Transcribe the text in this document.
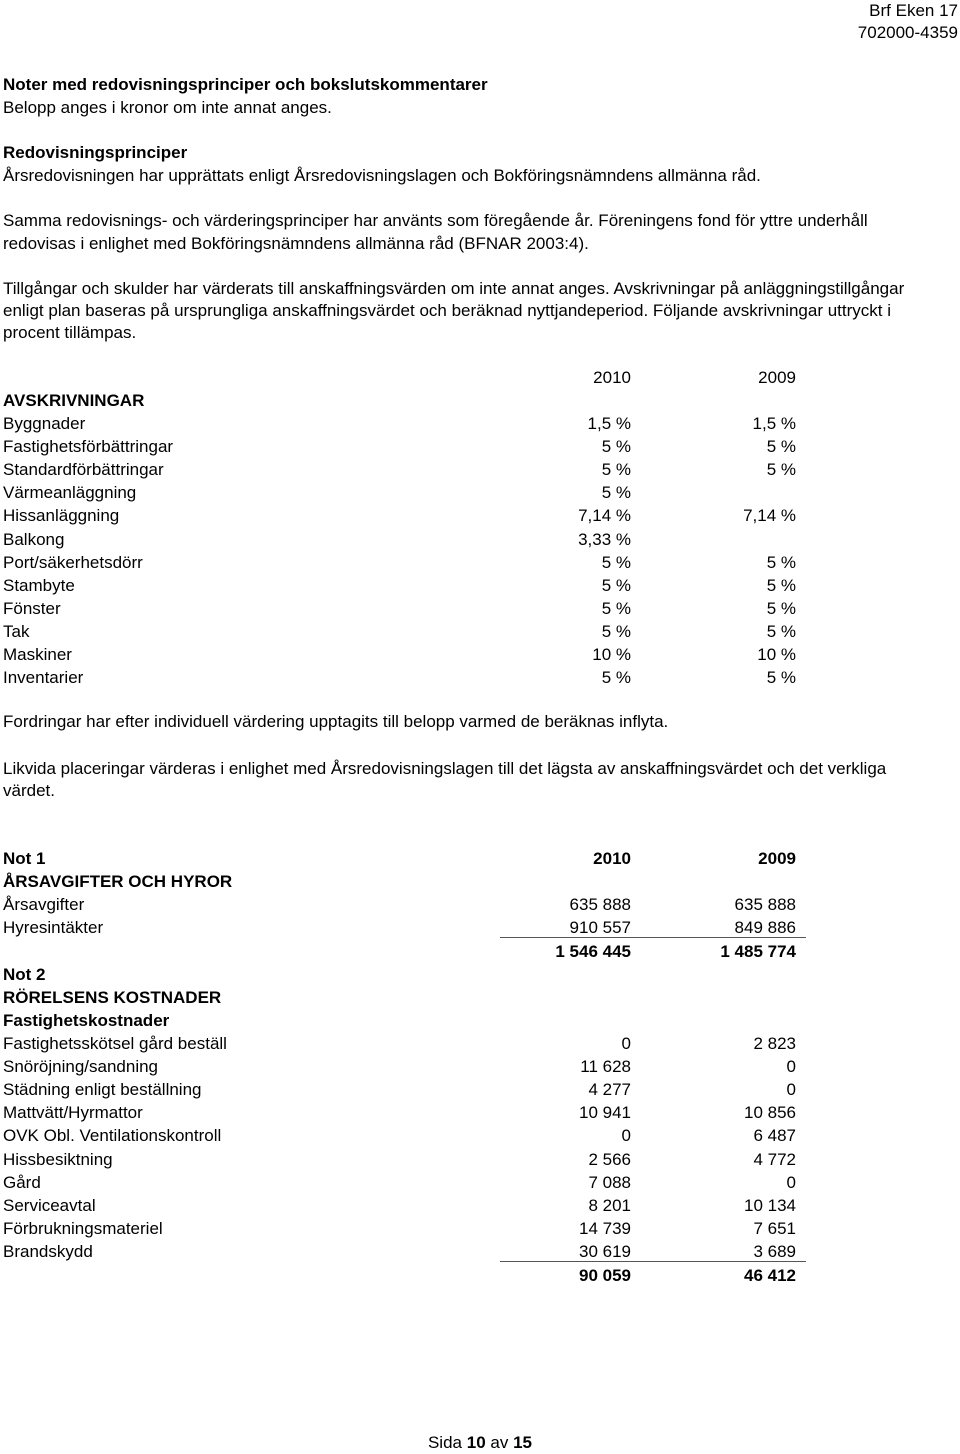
Brf Eken 17
702000-4359
Noter med redovisningsprinciper och bokslutskommentarer
Belopp anges i kronor om inte annat anges.
Redovisningsprinciper
Årsredovisningen har upprättats enligt Årsredovisningslagen och Bokföringsnämndens allmänna råd.
Samma redovisnings- och värderingsprinciper har använts som föregående år. Föreningens fond för yttre underhåll
redovisas i enlighet med Bokföringsnämndens allmänna råd (BFNAR 2003:4).
Tillgångar och skulder har värderats till anskaffningsvärden om inte annat anges. Avskrivningar på anläggningstillgångar
enligt plan baseras på ursprungliga anskaffningsvärdet och beräknad nyttjandeperiod. Följande avskrivningar uttryckt i
procent tillämpas.
2010	2009
AVSKRIVNINGAR
Byggnader	1,5 %	1,5 %
Fastighetsförbättringar	5 %	5 %
Standardförbättringar	5 %	5 %
Värmeanläggning	5 %
Hissanläggning	7,14 %	7,14 %
Balkong	3,33 %
Port/säkerhetsdörr	5 %	5 %
Stambyte	5 %	5 %
Fönster	5 %	5 %
Tak	5 %	5 %
Maskiner	10 %	10 %
Inventarier	5 %	5 %
Fordringar har efter individuell värdering upptagits till belopp varmed de beräknas inflyta.
Likvida placeringar värderas i enlighet med Årsredovisningslagen till det lägsta av anskaffningsvärdet och det verkliga
värdet.
Not 1	2010	2009
ÅRSAVGIFTER OCH HYROR
Årsavgifter	635 888	635 888
Hyresintäkter	910 557	849 886
1 546 445	1 485 774
Not 2
RÖRELSENS KOSTNADER
Fastighetskostnader
Fastighetsskötsel gård beställ	0	2 823
Snöröjning/sandning	11 628	0
Städning enligt beställning	4 277	0
Mattvätt/Hyrmattor	10 941	10 856
OVK Obl. Ventilationskontroll	0	6 487
Hissbesiktning	2 566	4 772
Gård	7 088	0
Serviceavtal	8 201	10 134
Förbrukningsmateriel	14 739	7 651
Brandskydd	30 619	3 689
90 059	46 412
Sida 10 av 15
